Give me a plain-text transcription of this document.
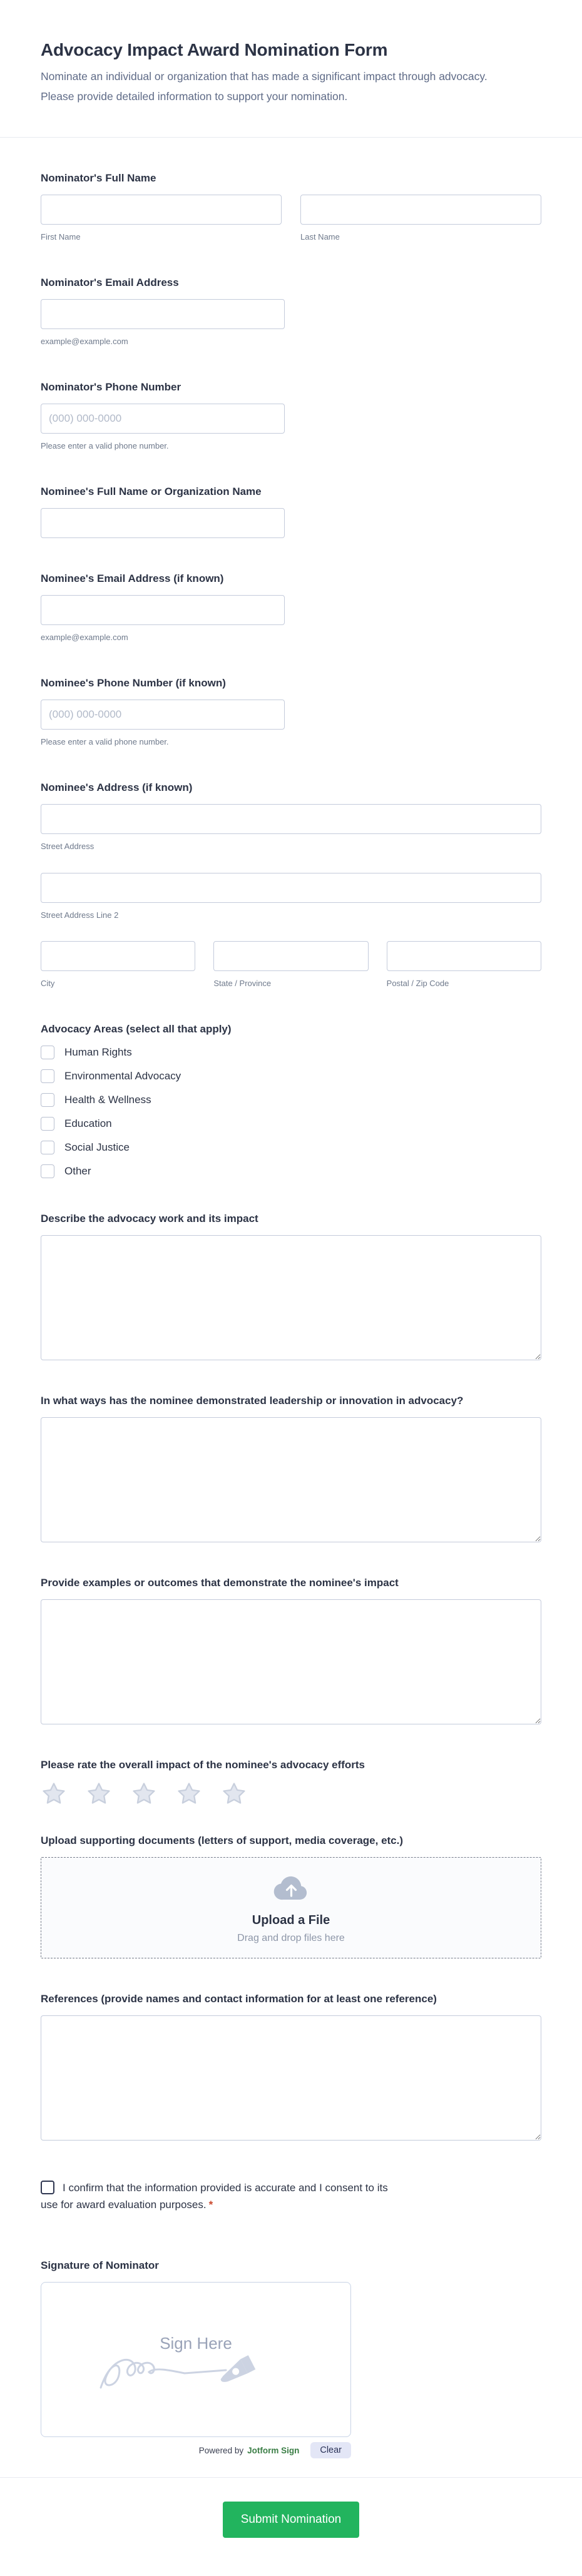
Advocacy Impact Award Nomination Form

Nominate an individual or organization that has made a significant impact through advocacy. Please provide detailed information to support your nomination.

Nominator's Full Name
First Name	Last Name
Nominator's Email Address
example@example.com
Nominator's Phone Number
(000) 000-0000
Please enter a valid phone number.
Nominee's Full Name or Organization Name
Nominee's Email Address (if known)
example@example.com
Nominee's Phone Number (if known)
(000) 000-0000
Please enter a valid phone number.
Nominee's Address (if known)
Street Address
Street Address Line 2
City	State / Province	Postal / Zip Code
Advocacy Areas (select all that apply)
Human Rights
Environmental Advocacy
Health & Wellness
Education
Social Justice
Other
Describe the advocacy work and its impact
In what ways has the nominee demonstrated leadership or innovation in advocacy?
Provide examples or outcomes that demonstrate the nominee's impact
Please rate the overall impact of the nominee's advocacy efforts
Upload supporting documents (letters of support, media coverage, etc.)
Upload a File
Drag and drop files here
References (provide names and contact information for at least one reference)
I confirm that the information provided is accurate and I consent to its use for award evaluation purposes. *
Signature of Nominator
Sign Here
Powered by Jotform Sign	Clear
Submit Nomination
